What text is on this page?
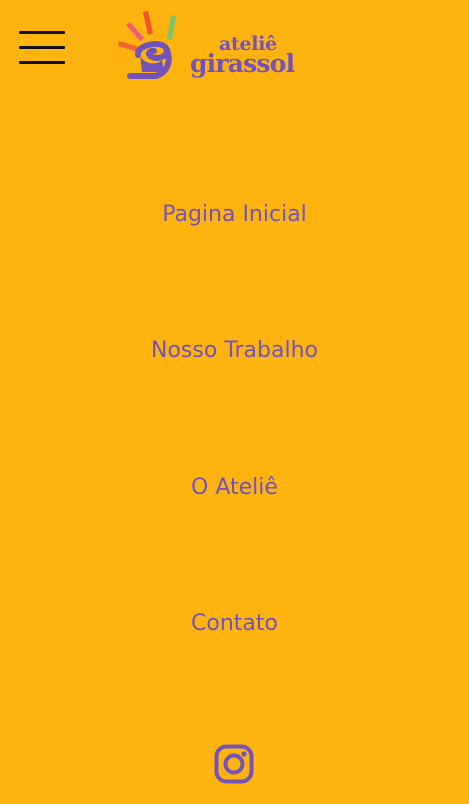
ateliê
girassol
Pagina Inicial
Nosso Trabalho
O Ateliê
Contato
